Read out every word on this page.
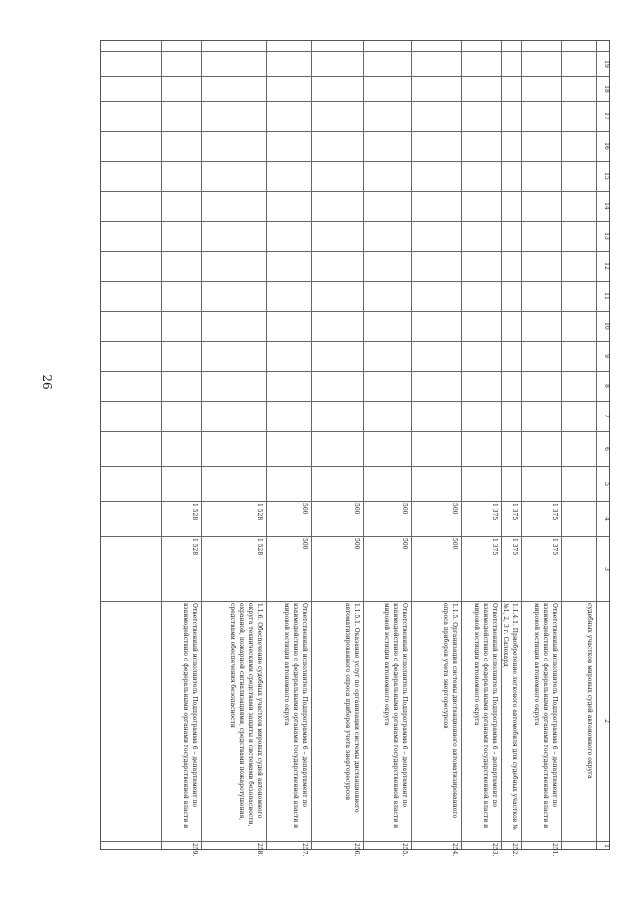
26
1
2
3
4
5
6
7
8
9
10
11
12
13
14
15
16
17
18
19
судебных участков мировых судей автономного округа
251.
Ответственный исполнитель Подпрограмма 6 – департамент по взаимодействию с федеральными органами государственной власти и мировой юстиции автономного округа
1 375
1 375
252.
1.1.4.1. Приобретение легкового автомобиля для судебных участков №№1, 2, 3 г. Салехард
1 375
1 375
253.
Ответственный исполнитель Подпрограмма 6 – департамент по взаимодействию с федеральными органами государственной власти и мировой юстиции автономного округа
1 375
1 375
254.
1.1.5. Организация системы дистанционного автоматизированного опроса приборов учета энергоресурсов
500
500
255.
Ответственный исполнитель Подпрограмма 6 – департамент по взаимодействию с федеральными органами государственной власти и мировой юстиции автономного округа
500
500
256.
1.1.5.1. Оказание услуг по организации системы дистанционного автоматизированного опроса приборов учета энергоресурсов
500
500
257.
Ответственный исполнитель Подпрограмма 6 – департамент по взаимодействию с федеральными органами государственной власти и мировой юстиции автономного округа
500
500
258.
1.1.6. Обеспечение судебных участков мировых судей автономного округа техническими средствами защиты и системами безопасности, охранной, пожарной сигнализациями, средствами пожаротушения, средствами обеспечения безопасности
1 528
1 528
259.
Ответственный исполнитель Подпрограмма 6 – департамент по взаимодействию с федеральными органами государственной власти и
1 528
1 528
